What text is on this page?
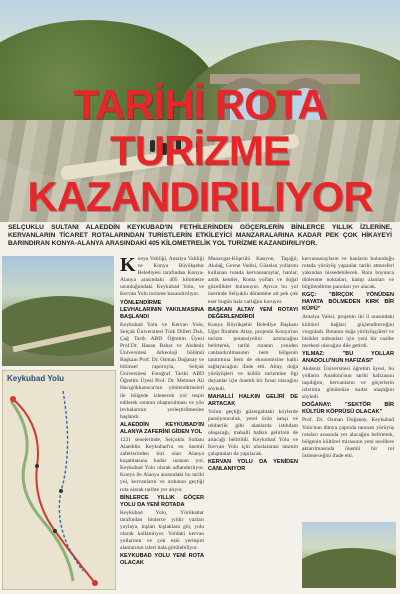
TARİHİ ROTA
TURİZME
KAZANDIRILIYOR
SELÇUKLU SULTANI ALAEDDİN KEYKUBAD'IN FETHİLERİNDEN GÖÇERLERİN BİNLERCE YILLIK İZLERİNE, KERVANLARIN TİCARET ROTALARINDAN TURİSTLERİN ETKİLEYİCİ MANZARALARINA KADAR PEK ÇOK HİKAYEYİ BARINDIRAN KONYA-ALANYA ARASINDAKİ 405 KİLOMETRELİK YOL TURİZME KAZANDIRILIYOR.
Keykubad Yolu

Konya Valiliği, Antalya Valiliği ve Konya Büyükşehir Belediyesi tarafından Konya-Alanya arasındaki 405 kilometre uzunluğundaki Keykubad Yolu, ve Kervan Yolu turizme kazandırılıyor.

YÖNLENDİRME LEVHALARININ YAKILMASINA BAŞLANDI

Keykubad Yolu ve Kervan Yolu, Selçuk Üniversitesi Türk Dilleri Dalı, Çağ Tarih ABD Öğretim Üyesi Prof.Dr. Hasan Bahar ve Akdeniz Üniversitesi Arkeoloji bölümü Başkanı Prof. Dr. Osman Doğanay ve bilimsel raporuyla, Selçuk Üniversitesi Fotoğraf Tarihi ABD Öğretim Üyesi Prof. Dr. Mehmet Ali Hacıgökkanoca'nın yönlendirmeleri ile bölgede izlenecek yol tespit edilerek rotanın oluşturulması ve yön levhalarının yerleştirilmesine başlandı.

ALAEDDİN KEYKUBAD'IN ALANYA ZAFERİNİ GİDEN YOL

1221 senelerinde, Selçuklu Sultanı Alaeddin Keykubad'ın en önemli zaferlerinden biri olan Alanya kuşatmasına kadar uzanan yol, Keykubad Yolu olarak adlandırılıyor. Konya ile Alanya arasındaki bu tarihi yol, kervanların ve ordunun geçtiği rota olarak tarihte yer alıyor.

BİNLERCE YILLIK GÖÇER YOLU DA YENİ ROTADA

Keykubad Yolu, Yörükatlar tarafından binlerce yıldır yazları yaylaya, kışları kışlaklara göç yolu olarak kullanılıyor. Yoldaki kervan yollarının ve çok eski yerleşim alanlarının izleri hala görülebiliyor.

KEYKUBAD YOLU YENİ ROTA OLACAK

Manavgat-Köprülü Kanyon, Taşağıl, Akdağ, Gevne Vadisi, Güzelsu yollarını kullanan rotada kervansaraylar, hanlar, antik kentler, Roma yolları ve doğal güzellikler bulunuyor. Ayrıca bu yol üzerinde Selçuklu dönemine ait pek çok eser bugün hala varlığını koruyor.

BAŞKAN ALTAY YENİ ROTAYI DEĞERLENDİRDİ

Konya Büyükşehir Belediye Başkanı Uğur İbrahim Altay, projenin Konya'nın turizm potansiyelini artıracağını belirterek, tarihi rotanın yeniden canlandırılmasının hem bölgenin tanıtımına hem de ekonomisine katkı sağlayacağını ifade etti. Altay, doğa yürüyüşleri ve kültür turizmine ilgi duyanlar için önemli bir fırsat olacağını söyledi.

MAHALLİ HALKIN GELİRİ DE ARTACAK

Yolun geçtiği güzergahtaki köylerde pansiyonculuk, yerel ürün satışı ve rehberlik gibi alanlarda istihdam oluşacağı, mahalli halkın gelirinin de artacağı belirtildi. Keykubad Yolu ve Kervan Yolu için uluslararası tanıtım çalışmaları da yapılacak.

KERVAN YOLU DA YENİDEN CANLANIYOR

kervansarayların ve hanların bulunduğu rotada yürüyüş yapanlar tarihi atmosferi yakından hissedebilecek. Rota boyunca dinlenme noktaları, kamp alanları ve bilgilendirme panoları yer alacak.

KGÇ: "BİRÇOK YÖNÜDEN HAYATA BÖLMEDEN KIRK BİR KÜPÜ"

Antalya Valisi, projenin iki il arasındaki kültürel bağları güçlendireceğini vurguladı. Rotanın doğa yürüyüşçüleri ve bisiklet tutkunları için yeni bir cazibe merkezi olacağını dile getirdi.

YILMAZ: "BU YOLLAR ANADOLU'NUN HAFIZASI"

Akdeniz Üniversitesi öğretim üyesi, bu yolların Anadolu'nun tarihi hafızasını taşıdığını, kervanların ve göçerlerin izlerinin günümüze kadar ulaştığını söyledi.

DOĞANAY: "SEKTÖR BİR KÜLTÜR KÖPRÜSÜ OLACAK"

Prof. Dr. Osman Doğanay, Keykubad Yolu'nun dünya çapında tanınan yürüyüş rotaları arasında yer alacağını belirterek, bölgenin kültürel mirasının yeni nesillere aktarılmasında önemli bir rol üstleneceğini ifade etti.
